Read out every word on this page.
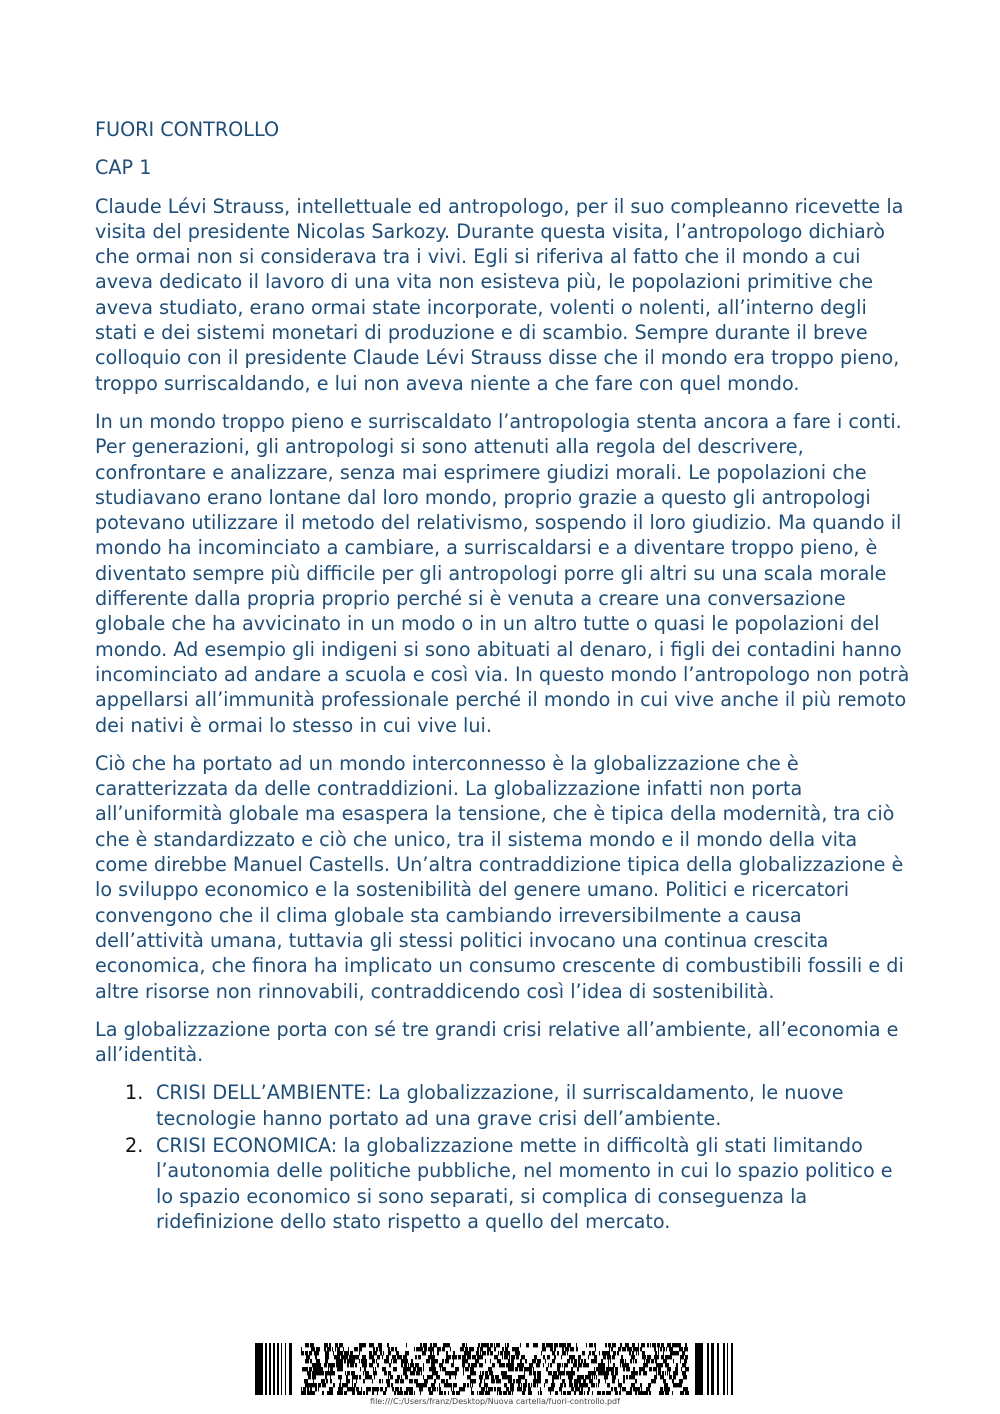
FUORI CONTROLLO

CAP 1

Claude Lévi Strauss, intellettuale ed antropologo, per il suo compleanno ricevette la visita del presidente Nicolas Sarkozy. Durante questa visita, l’antropologo dichiarò che ormai non si considerava tra i vivi. Egli si riferiva al fatto che il mondo a cui aveva dedicato il lavoro di una vita non esisteva più, le popolazioni primitive che aveva studiato, erano ormai state incorporate, volenti o nolenti, all’interno degli stati e dei sistemi monetari di produzione e di scambio. Sempre durante il breve colloquio con il presidente Claude Lévi Strauss disse che il mondo era troppo pieno, troppo surriscaldando, e lui non aveva niente a che fare con quel mondo.

In un mondo troppo pieno e surriscaldato l’antropologia stenta ancora a fare i conti. Per generazioni, gli antropologi si sono attenuti alla regola del descrivere, confrontare e analizzare, senza mai esprimere giudizi morali. Le popolazioni che studiavano erano lontane dal loro mondo, proprio grazie a questo gli antropologi potevano utilizzare il metodo del relativismo, sospendo il loro giudizio. Ma quando il mondo ha incominciato a cambiare, a surriscaldarsi e a diventare troppo pieno, è diventato sempre più difficile per gli antropologi porre gli altri su una scala morale differente dalla propria proprio perché si è venuta a creare una conversazione globale che ha avvicinato in un modo o in un altro tutte o quasi le popolazioni del mondo. Ad esempio gli indigeni si sono abituati al denaro, i figli dei contadini hanno incominciato ad andare a scuola e così via. In questo mondo l’antropologo non potrà appellarsi all’immunità professionale perché il mondo in cui vive anche il più remoto dei nativi è ormai lo stesso in cui vive lui.

Ciò che ha portato ad un mondo interconnesso è la globalizzazione che è caratterizzata da delle contraddizioni. La globalizzazione infatti non porta all’uniformità globale ma esaspera la tensione, che è tipica della modernità, tra ciò che è standardizzato e ciò che unico, tra il sistema mondo e il mondo della vita come direbbe Manuel Castells. Un’altra contraddizione tipica della globalizzazione è lo sviluppo economico e la sostenibilità del genere umano. Politici e ricercatori convengono che il clima globale sta cambiando irreversibilmente a causa dell’attività umana, tuttavia gli stessi politici invocano una continua crescita economica, che finora ha implicato un consumo crescente di combustibili fossili e di altre risorse non rinnovabili, contraddicendo così l’idea di sostenibilità.

La globalizzazione porta con sé tre grandi crisi relative all’ambiente, all’economia e all’identità.

1. CRISI DELL’AMBIENTE: La globalizzazione, il surriscaldamento, le nuove tecnologie hanno portato ad una grave crisi dell’ambiente.
2. CRISI ECONOMICA: la globalizzazione mette in difficoltà gli stati limitando l’autonomia delle politiche pubbliche, nel momento in cui lo spazio politico e lo spazio economico si sono separati, si complica di conseguenza la ridefinizione dello stato rispetto a quello del mercato.
file:///C:/Users/franz/Desktop/Nuova cartella/fuori-controllo.pdf
